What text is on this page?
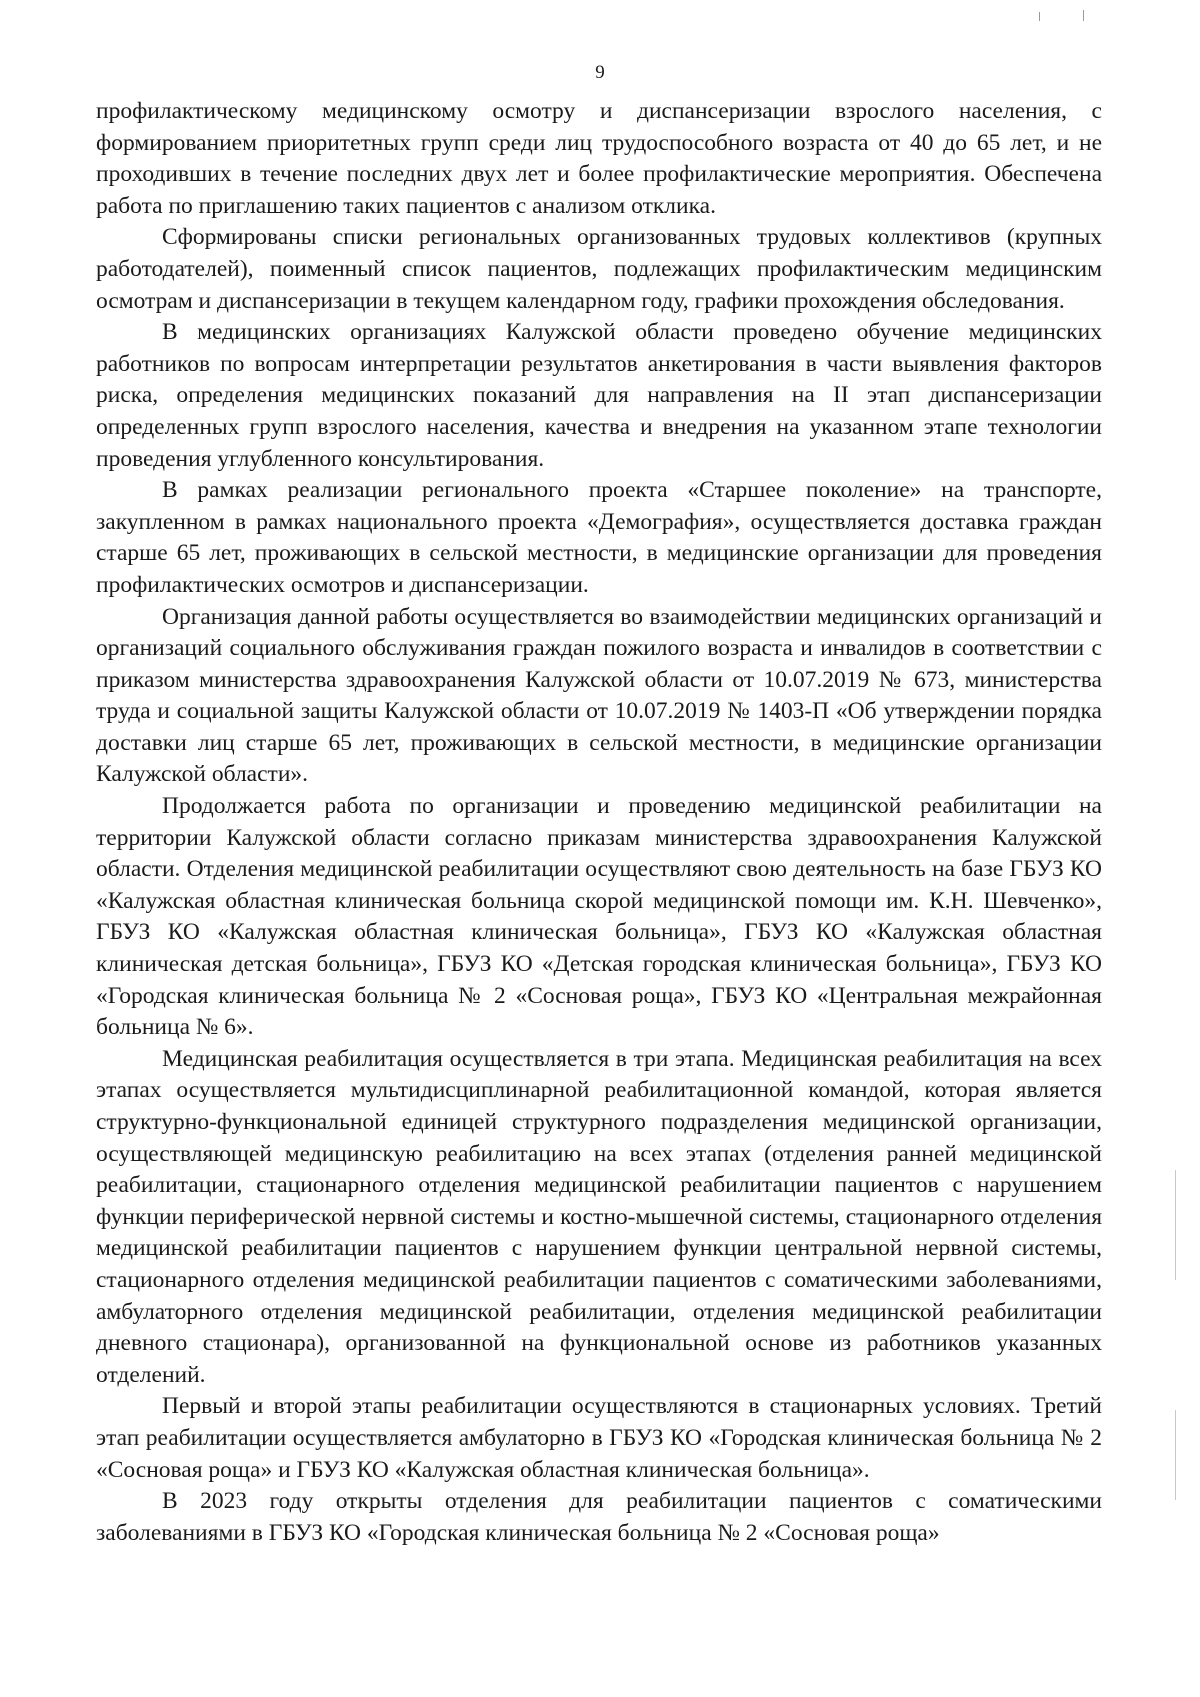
9

профилактическому медицинскому осмотру и диспансеризации взрослого населения, с формированием приоритетных групп среди лиц трудоспособного возраста от 40 до 65 лет, и не проходивших в течение последних двух лет и более профилактические мероприятия. Обеспечена работа по приглашению таких пациентов с анализом отклика.

Сформированы списки региональных организованных трудовых коллективов (крупных работодателей), поименный список пациентов, подлежащих профилактическим медицинским осмотрам и диспансеризации в текущем календарном году, графики прохождения обследования.

В медицинских организациях Калужской области проведено обучение медицинских работников по вопросам интерпретации результатов анкетирования в части выявления факторов риска, определения медицинских показаний для направления на II этап диспансеризации определенных групп взрослого населения, качества и внедрения на указанном этапе технологии проведения углубленного консультирования.

В рамках реализации регионального проекта «Старшее поколение» на транспорте, закупленном в рамках национального проекта «Демография», осуществляется доставка граждан старше 65 лет, проживающих в сельской местности, в медицинские организации для проведения профилактических осмотров и диспансеризации.

Организация данной работы осуществляется во взаимодействии медицинских организаций и организаций социального обслуживания граждан пожилого возраста и инвалидов в соответствии с приказом министерства здравоохранения Калужской области от 10.07.2019 № 673, министерства труда и социальной защиты Калужской области от 10.07.2019 № 1403-П «Об утверждении порядка доставки лиц старше 65 лет, проживающих в сельской местности, в медицинские организации Калужской области».

Продолжается работа по организации и проведению медицинской реабилитации на территории Калужской области согласно приказам министерства здравоохранения Калужской области. Отделения медицинской реабилитации осуществляют свою деятельность на базе ГБУЗ КО «Калужская областная клиническая больница скорой медицинской помощи им. К.Н. Шевченко», ГБУЗ КО «Калужская областная клиническая больница», ГБУЗ КО «Калужская областная клиническая детская больница», ГБУЗ КО «Детская городская клиническая больница», ГБУЗ КО «Городская клиническая больница № 2 «Сосновая роща», ГБУЗ КО «Центральная межрайонная больница № 6».

Медицинская реабилитация осуществляется в три этапа. Медицинская реабилитация на всех этапах осуществляется мультидисциплинарной реабилитационной командой, которая является структурно-функциональной единицей структурного подразделения медицинской организации, осуществляющей медицинскую реабилитацию на всех этапах (отделения ранней медицинской реабилитации, стационарного отделения медицинской реабилитации пациентов с нарушением функции периферической нервной системы и костно-мышечной системы, стационарного отделения медицинской реабилитации пациентов с нарушением функции центральной нервной системы, стационарного отделения медицинской реабилитации пациентов с соматическими заболеваниями, амбулаторного отделения медицинской реабилитации, отделения медицинской реабилитации дневного стационара), организованной на функциональной основе из работников указанных отделений.

Первый и второй этапы реабилитации осуществляются в стационарных условиях. Третий этап реабилитации осуществляется амбулаторно в ГБУЗ КО «Городская клиническая больница № 2 «Сосновая роща» и ГБУЗ КО «Калужская областная клиническая больница».

В 2023 году открыты отделения для реабилитации пациентов с соматическими заболеваниями в ГБУЗ КО «Городская клиническая больница № 2 «Сосновая роща»
